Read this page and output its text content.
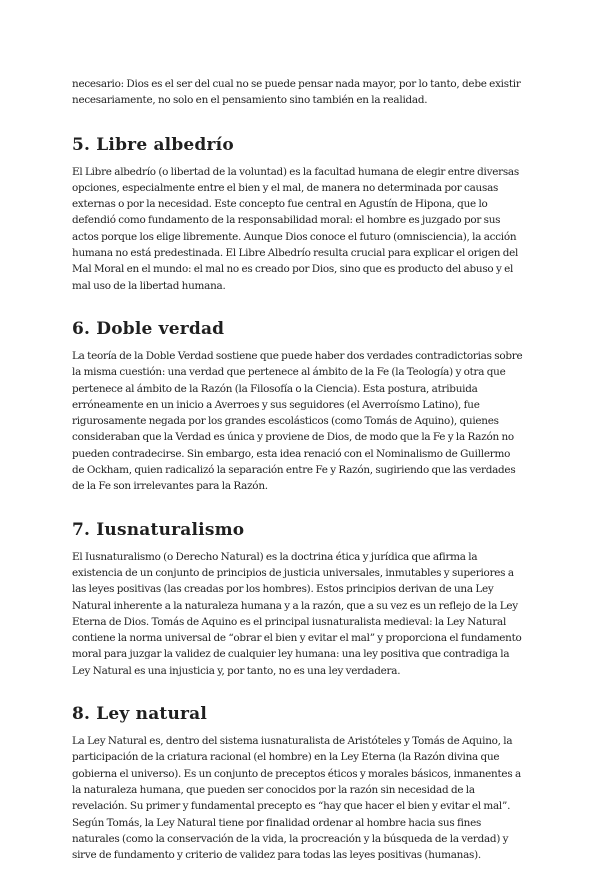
necesario: Dios es el ser del cual no se puede pensar nada mayor, por lo tanto, debe existir necesariamente, no solo en el pensamiento sino también en la realidad.

5. Libre albedrío

El Libre albedrío (o libertad de la voluntad) es la facultad humana de elegir entre diversas opciones, especialmente entre el bien y el mal, de manera no determinada por causas externas o por la necesidad. Este concepto fue central en Agustín de Hipona, que lo defendió como fundamento de la responsabilidad moral: el hombre es juzgado por sus actos porque los elige libremente. Aunque Dios conoce el futuro (omnisciencia), la acción humana no está predestinada. El Libre Albedrío resulta crucial para explicar el origen del Mal Moral en el mundo: el mal no es creado por Dios, sino que es producto del abuso y el mal uso de la libertad humana.

6. Doble verdad

La teoría de la Doble Verdad sostiene que puede haber dos verdades contradictorias sobre la misma cuestión: una verdad que pertenece al ámbito de la Fe (la Teología) y otra que pertenece al ámbito de la Razón (la Filosofía o la Ciencia). Esta postura, atribuida erróneamente en un inicio a Averroes y sus seguidores (el Averroísmo Latino), fue rigurosamente negada por los grandes escolásticos (como Tomás de Aquino), quienes consideraban que la Verdad es única y proviene de Dios, de modo que la Fe y la Razón no pueden contradecirse. Sin embargo, esta idea renació con el Nominalismo de Guillermo de Ockham, quien radicalizó la separación entre Fe y Razón, sugiriendo que las verdades de la Fe son irrelevantes para la Razón.

7. Iusnaturalismo

El Iusnaturalismo (o Derecho Natural) es la doctrina ética y jurídica que afirma la existencia de un conjunto de principios de justicia universales, inmutables y superiores a las leyes positivas (las creadas por los hombres). Estos principios derivan de una Ley Natural inherente a la naturaleza humana y a la razón, que a su vez es un reflejo de la Ley Eterna de Dios. Tomás de Aquino es el principal iusnaturalista medieval: la Ley Natural contiene la norma universal de “obrar el bien y evitar el mal” y proporciona el fundamento moral para juzgar la validez de cualquier ley humana: una ley positiva que contradiga la Ley Natural es una injusticia y, por tanto, no es una ley verdadera.

8. Ley natural

La Ley Natural es, dentro del sistema iusnaturalista de Aristóteles y Tomás de Aquino, la participación de la criatura racional (el hombre) en la Ley Eterna (la Razón divina que gobierna el universo). Es un conjunto de preceptos éticos y morales básicos, inmanentes a la naturaleza humana, que pueden ser conocidos por la razón sin necesidad de la revelación. Su primer y fundamental precepto es “hay que hacer el bien y evitar el mal”. Según Tomás, la Ley Natural tiene por finalidad ordenar al hombre hacia sus fines naturales (como la conservación de la vida, la procreación y la búsqueda de la verdad) y sirve de fundamento y criterio de validez para todas las leyes positivas (humanas).
